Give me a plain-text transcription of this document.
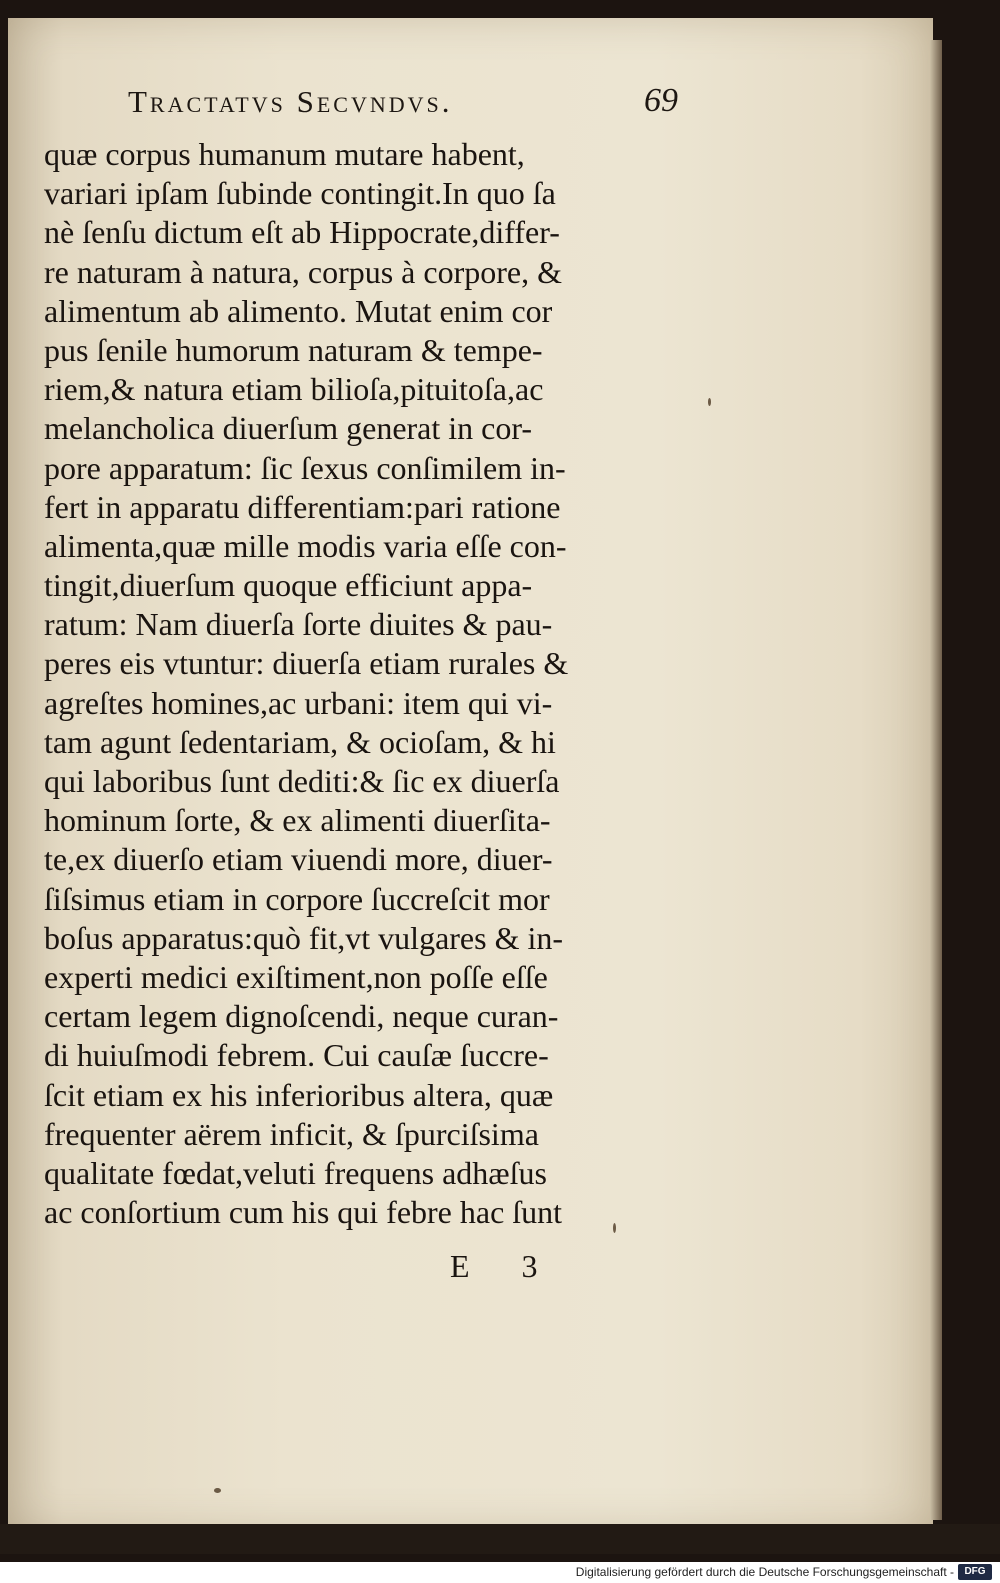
Tractatvs Secvndvs.	69
quæ corpus humanum mutare habent,
variari ipſam ſubinde contingit.In quo ſa
nè ſenſu dictum eſt ab Hippocrate,differ-
re naturam à natura, corpus à corpore, &
alimentum ab alimento. Mutat enim cor
pus ſenile humorum naturam & tempe-
riem,& natura etiam bilioſa,pituitoſa,ac
melancholica diuerſum generat in cor-
pore apparatum: ſic ſexus conſimilem in-
fert in apparatu differentiam:pari ratione
alimenta,quæ mille modis varia eſſe con-
tingit,diuerſum quoque efficiunt appa-
ratum: Nam diuerſa ſorte diuites & pau-
peres eis vtuntur: diuerſa etiam rurales &
agreſtes homines,ac urbani: item qui vi-
tam agunt ſedentariam, & ocioſam, & hi
qui laboribus ſunt dediti:& ſic ex diuerſa
hominum ſorte, & ex alimenti diuerſita-
te,ex diuerſo etiam viuendi more, diuer-
ſiſsimus etiam in corpore ſuccreſcit mor
boſus apparatus:quò fit,vt vulgares & in-
experti medici exiſtiment,non poſſe eſſe
certam legem dignoſcendi, neque curan-
di huiuſmodi febrem. Cui cauſæ ſuccre-
ſcit etiam ex his inferioribus altera, quæ
frequenter aërem inficit, & ſpurciſsima
qualitate fœdat,veluti frequens adhæſus
ac conſortium cum his qui febre hac ſunt
E 3
Digitalisierung gefördert durch die Deutsche Forschungsgemeinschaft -	DFG
